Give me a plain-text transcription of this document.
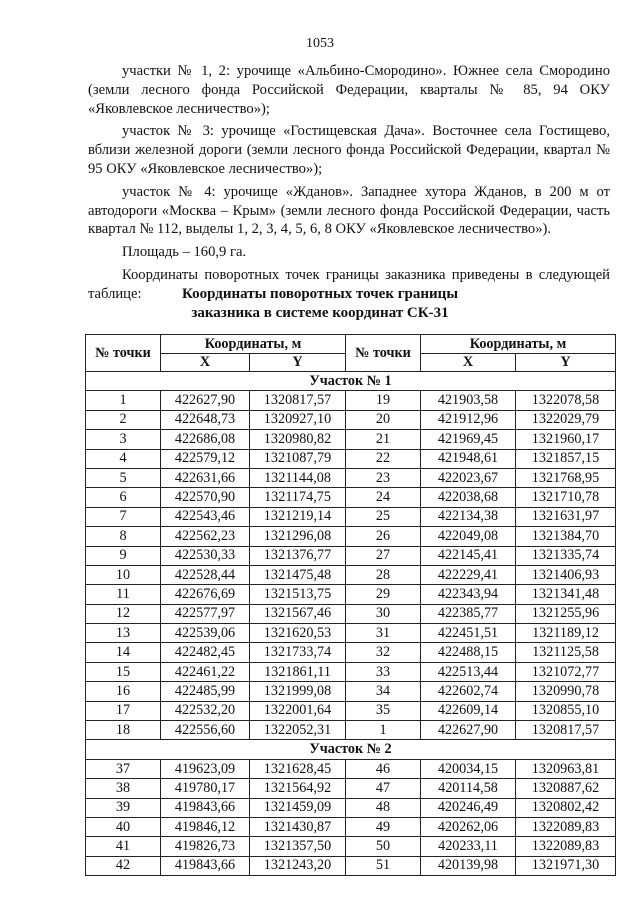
1053

участки № 1, 2: урочище «Альбино-Смородино». Южнее села Смородино (земли лесного фонда Российской Федерации, кварталы № 85, 94 ОКУ «Яковлевское лесничество»);

участок № 3: урочище «Гостищевская Дача». Восточнее села Гостищево, вблизи железной дороги (земли лесного фонда Российской Федерации, квартал № 95 ОКУ «Яковлевское лесничество»);

участок № 4: урочище «Жданов». Западнее хутора Жданов, в 200 м от автодороги «Москва – Крым» (земли лесного фонда Российской Федерации, часть квартал № 112, выделы 1, 2, 3, 4, 5, 6, 8 ОКУ «Яковлевское лесничество»).

Площадь – 160,9 га.

Координаты поворотных точек границы заказника приведены в следующей таблице:	Координаты поворотных точек границы
заказника в системе координат СК-31
№ точки	Координаты, м		№ точки	Координаты, м	
	X	Y		X	Y
Участок № 1					
1	422627,90	1320817,57	19	421903,58	1322078,58
2	422648,73	1320927,10	20	421912,96	1322029,79
3	422686,08	1320980,82	21	421969,45	1321960,17
4	422579,12	1321087,79	22	421948,61	1321857,15
5	422631,66	1321144,08	23	422023,67	1321768,95
6	422570,90	1321174,75	24	422038,68	1321710,78
7	422543,46	1321219,14	25	422134,38	1321631,97
8	422562,23	1321296,08	26	422049,08	1321384,70
9	422530,33	1321376,77	27	422145,41	1321335,74
10	422528,44	1321475,48	28	422229,41	1321406,93
11	422676,69	1321513,75	29	422343,94	1321341,48
12	422577,97	1321567,46	30	422385,77	1321255,96
13	422539,06	1321620,53	31	422451,51	1321189,12
14	422482,45	1321733,74	32	422488,15	1321125,58
15	422461,22	1321861,11	33	422513,44	1321072,77
16	422485,99	1321999,08	34	422602,74	1320990,78
17	422532,20	1322001,64	35	422609,14	1320855,10
18	422556,60	1322052,31	1	422627,90	1320817,57
Участок № 2					
37	419623,09	1321628,45	46	420034,15	1320963,81
38	419780,17	1321564,92	47	420114,58	1320887,62
39	419843,66	1321459,09	48	420246,49	1320802,42
40	419846,12	1321430,87	49	420262,06	1322089,83
41	419826,73	1321357,50	50	420233,11	1322089,83
42	419843,66	1321243,20	51	420139,98	1321971,30
